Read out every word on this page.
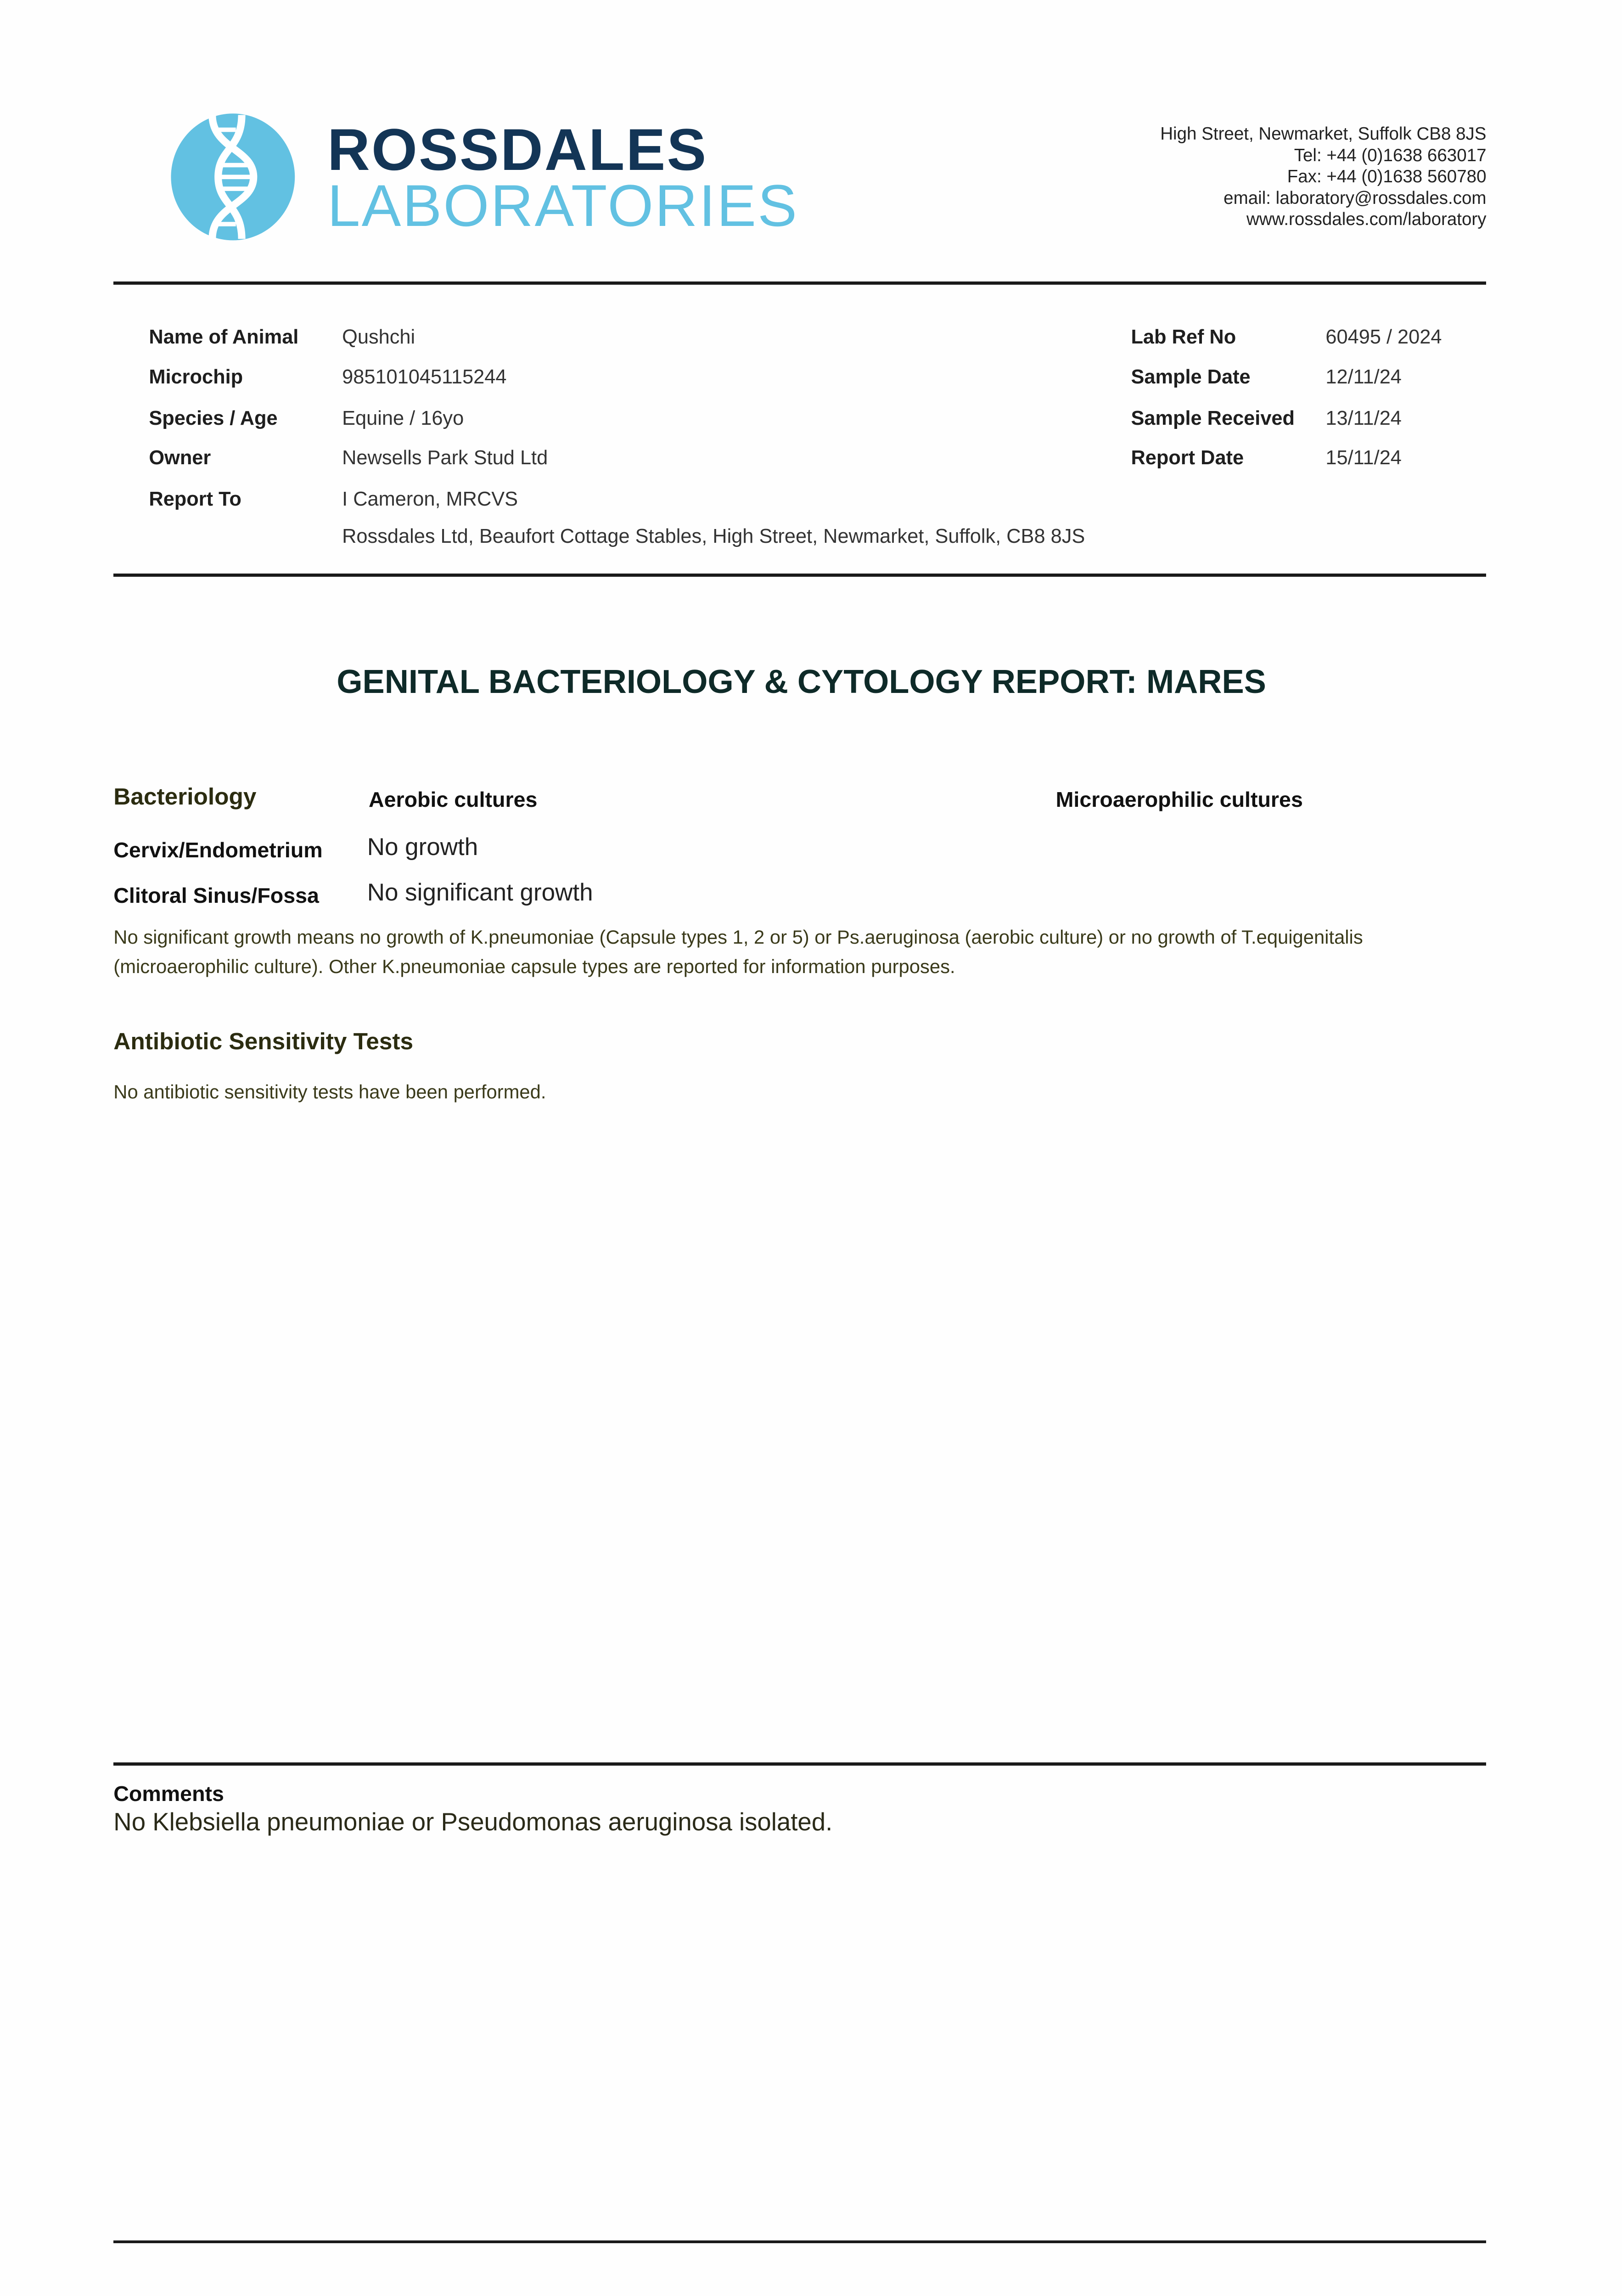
ROSSDALES
LABORATORIES
High Street, Newmarket, Suffolk CB8 8JS
Tel: +44 (0)1638 663017
Fax: +44 (0)1638 560780
email: laboratory@rossdales.com
www.rossdales.com/laboratory
Name of Animal Qushchi
Microchip	985101045115244
Species / Age	Equine / 16yo
Owner	Newsells Park Stud Ltd
Report To	I Cameron, MRCVS
Rossdales Ltd, Beaufort Cottage Stables, High Street, Newmarket, Suffolk, CB8 8JS
Lab Ref No	60495 / 2024
Sample Date	12/11/24
Sample Received 13/11/24
Report Date	15/11/24
GENITAL BACTERIOLOGY & CYTOLOGY REPORT: MARES
Bacteriology	Aerobic cultures	Microaerophilic cultures
Cervix/Endometrium No growth
Clitoral Sinus/Fossa No significant growth
No significant growth means no growth of K.pneumoniae (Capsule types 1, 2 or 5) or Ps.aeruginosa (aerobic culture) or no growth of T.equigenitalis
(microaerophilic culture). Other K.pneumoniae capsule types are reported for information purposes.
Antibiotic Sensitivity Tests
No antibiotic sensitivity tests have been performed.
Comments
No Klebsiella pneumoniae or Pseudomonas aeruginosa isolated.
